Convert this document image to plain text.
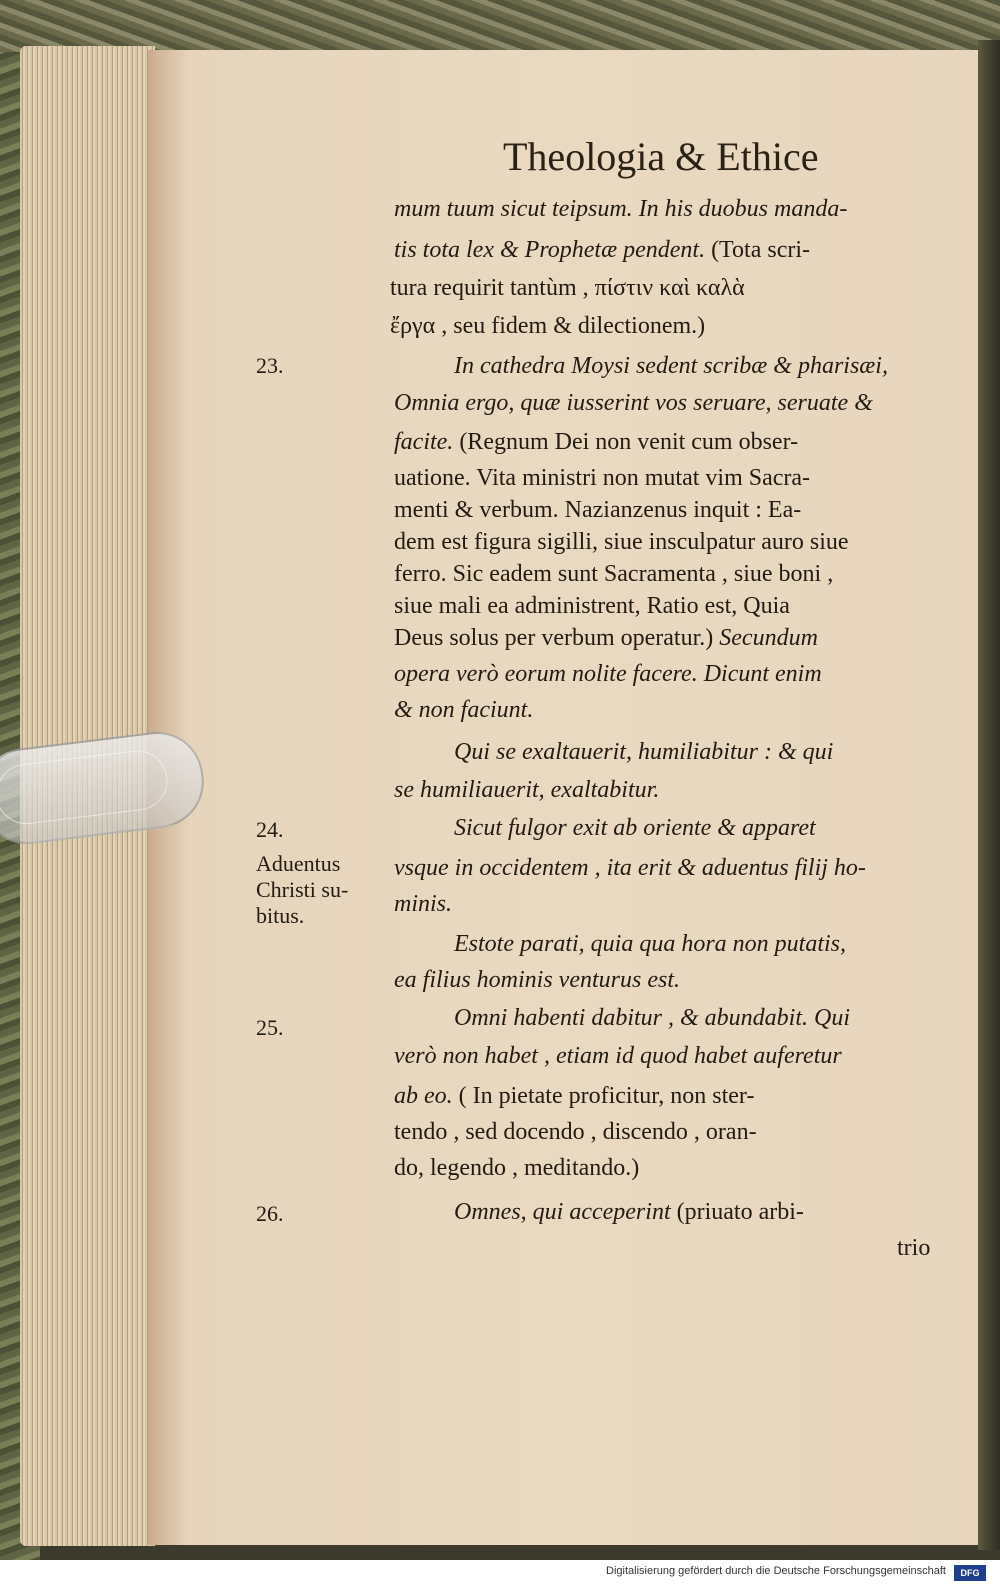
Theologia & Ethice
mum tuum sicut teipsum. In his duobus manda-
tis tota lex & Prophetæ pendent. (Tota scri-
tura requirit tantùm , πίστιν καὶ καλὰ
ἔργα , seu fidem & dilectionem.)
In cathedra Moysi sedent scribæ & pharisæi,
Omnia ergo, quæ iusserint vos seruare, seruate &
facite. (Regnum Dei non venit cum obser-
uatione. Vita ministri non mutat vim Sacra-
menti & verbum. Nazianzenus inquit : Ea-
dem est figura sigilli, siue insculpatur auro siue
ferro. Sic eadem sunt Sacramenta , siue boni ,
siue mali ea administrent, Ratio est, Quia
Deus solus per verbum operatur.) Secundum
opera verò eorum nolite facere. Dicunt enim
& non faciunt.
Qui se exaltauerit, humiliabitur : & qui
se humiliauerit, exaltabitur.
Sicut fulgor exit ab oriente & apparet
vsque in occidentem , ita erit & aduentus filij ho-
minis.
Estote parati, quia qua hora non putatis,
ea filius hominis venturus est.
Omni habenti dabitur , & abundabit. Qui
verò non habet , etiam id quod habet auferetur
ab eo. ( In pietate proficitur, non ster-
tendo , sed docendo , discendo , oran-
do, legendo , meditando.)
Omnes, qui acceperint (priuato arbi-
trio
23.
24.
Aduentus
Christi su-
bitus.
25.
26.
Digitalisierung gefördert durch die Deutsche Forschungsgemeinschaft	DFG
